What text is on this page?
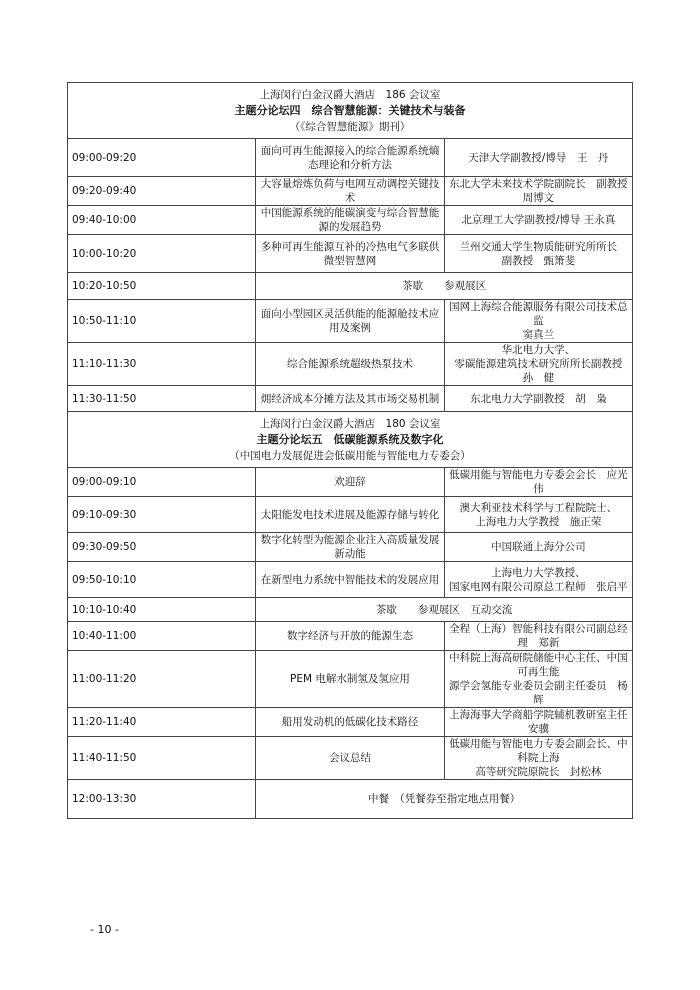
上海闵行白金汉爵大酒店　186 会议室
主题分论坛四　综合智慧能源：关键技术与装备
（《综合智慧能源》期刊）		

09:00-09:20	面向可再生能源接入的综合能源系统熵态理论和分析方法	天津大学副教授/博导　王　丹
09:20-09:40	大容量熔炼负荷与电网互动调控关键技术	东北大学未来技术学院副院长　副教授　周博文
09:40-10:00	中国能源系统的能碳演变与综合智慧能源的发展趋势	北京理工大学副教授/博导 王永真
10:00-10:20	多种可再生能源互补的冷热电气多联供微型智慧网	兰州交通大学生物质能研究所所长
副教授　甄箫斐
10:20-10:50	茶歇　　参观展区	
10:50-11:10	面向小型园区灵活供能的能源舱技术应用及案例	国网上海综合能源服务有限公司技术总监
窦真兰
11:10-11:30	综合能源系统超级热泵技术	华北电力大学、
零碳能源建筑技术研究所所长副教授　孙　健
11:30-11:50	㶲经济成本分摊方法及其市场交易机制	东北电力大学副教授　胡　枭

上海闵行白金汉爵大酒店　180 会议室
主题分论坛五　低碳能源系统及数字化
（中国电力发展促进会低碳用能与智能电力专委会）		

09:00-09:10	欢迎辞	低碳用能与智能电力专委会会长　应光伟
09:10-09:30	太阳能发电技术进展及能源存储与转化	澳大利亚技术科学与工程院院士、
上海电力大学教授　施正荣
09:30-09:50	数字化转型为能源企业注入高质量发展新动能	中国联通上海分公司
09:50-10:10	在新型电力系统中智能技术的发展应用	上海电力大学教授、
国家电网有限公司原总工程师　张启平
10:10-10:40	茶歇　　参观展区　互动交流	
10:40-11:00	数字经济与开放的能源生态	全程（上海）智能科技有限公司副总经理　郑新
11:00-11:20	PEM 电解水制氢及氢应用	中科院上海高研院储能中心主任、中国可再生能
源学会氢能专业委员会副主任委员　杨辉
11:20-11:40	船用发动机的低碳化技术路径	上海海事大学商船学院辅机教研室主任　安骥
11:40-11:50	会议总结	低碳用能与智能电力专委会副会长、中科院上海
高等研究院原院长　封松林
12:00-13:30	中餐　（凭餐券至指定地点用餐）	
- 10 -
